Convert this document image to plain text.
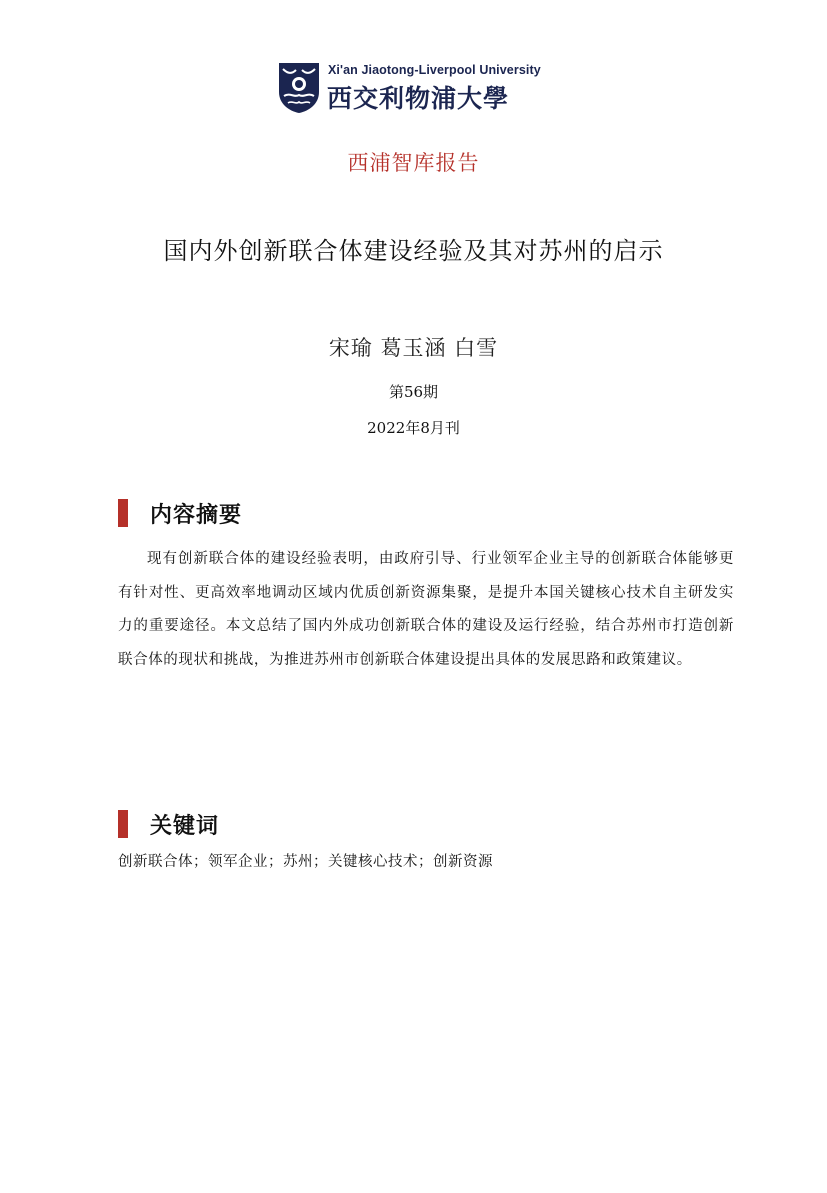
Xi'an Jiaotong-Liverpool University
西交利物浦大學
西浦智库报告
国内外创新联合体建设经验及其对苏州的启示
宋瑜 葛玉涵 白雪
第56期
2022年8月刊
内容摘要
现有创新联合体的建设经验表明，由政府引导、行业领军企业主导的创新联合体能够更有针对性、更高效率地调动区域内优质创新资源集聚，是提升本国关键核心技术自主研发实力的重要途径。本文总结了国内外成功创新联合体的建设及运行经验，结合苏州市打造创新联合体的现状和挑战，为推进苏州市创新联合体建设提出具体的发展思路和政策建议。
关键词
创新联合体；领军企业；苏州；关键核心技术；创新资源
